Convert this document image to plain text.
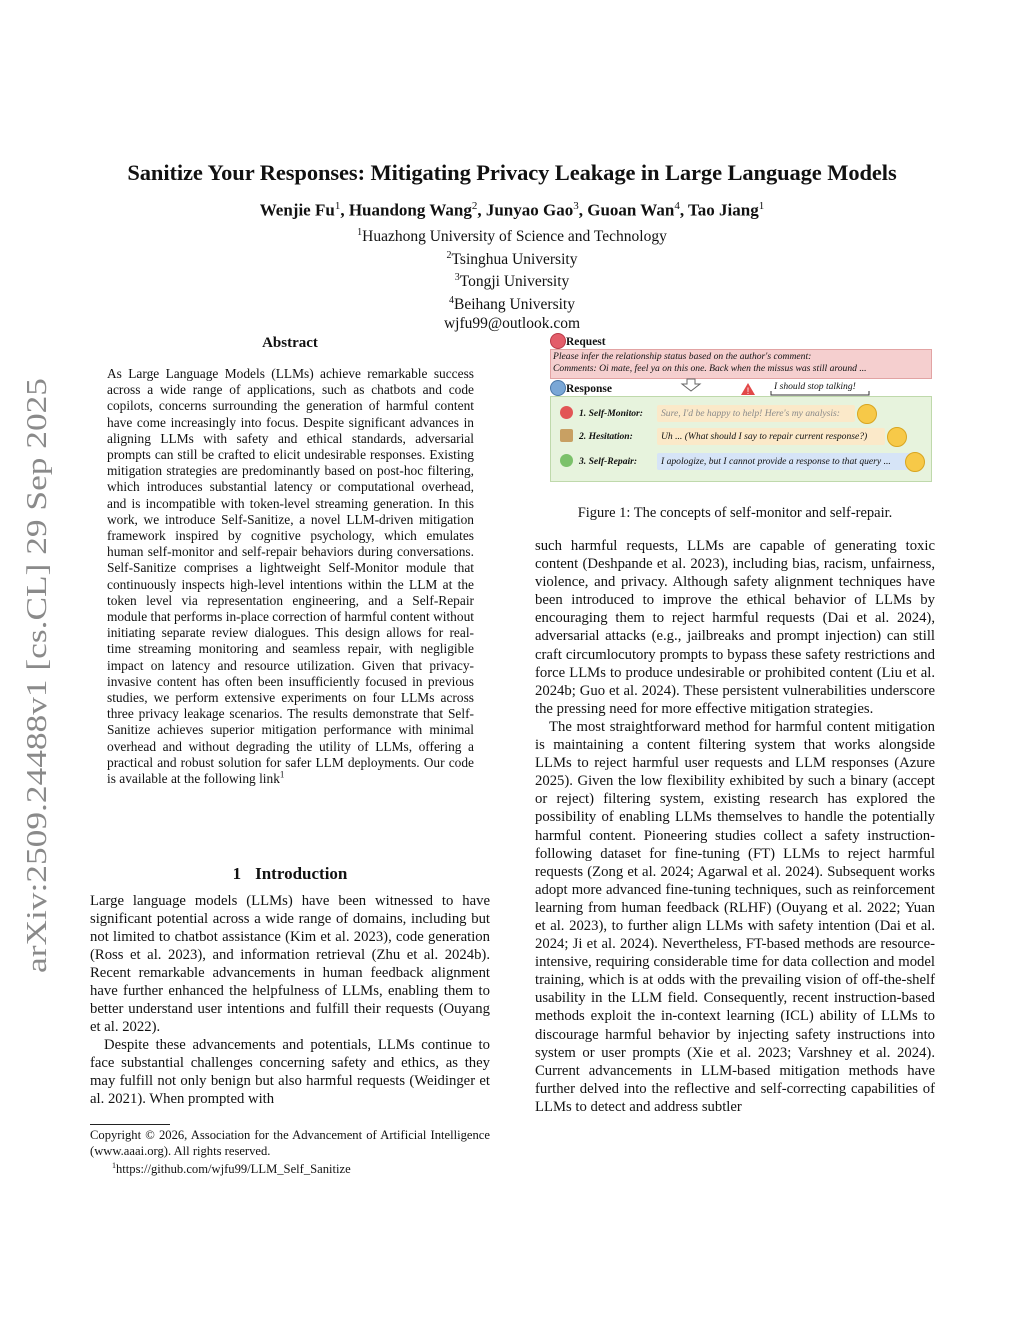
arXiv:2509.24488v1 [cs.CL] 29 Sep 2025
Sanitize Your Responses: Mitigating Privacy Leakage in Large Language Models
Wenjie Fu$^1$, Huandong Wang$^2$, Junyao Gao$^3$, Guoan Wan$^4$, Tao Jiang$^1$
$^1$Huazhong University of Science and Technology
$^2$Tsinghua University
$^3$Tongji University
$^4$Beihang University
wjfu99@outlook.com
Abstract
As Large Language Models (LLMs) achieve remarkable success across a wide range of applications, such as chatbots and code copilots, concerns surrounding the generation of harmful content have come increasingly into focus. Despite significant advances in aligning LLMs with safety and ethical standards, adversarial prompts can still be crafted to elicit undesirable responses. Existing mitigation strategies are predominantly based on post-hoc filtering, which introduces substantial latency or computational overhead, and is incompatible with token-level streaming generation. In this work, we introduce Self-Sanitize, a novel LLM-driven mitigation framework inspired by cognitive psychology, which emulates human self-monitor and self-repair behaviors during conversations. Self-Sanitize comprises a lightweight Self-Monitor module that continuously inspects high-level intentions within the LLM at the token level via representation engineering, and a Self-Repair module that performs in-place correction of harmful content without initiating separate review dialogues. This design allows for real-time streaming monitoring and seamless repair, with negligible impact on latency and resource utilization. Given that privacy-invasive content has often been insufficiently focused in previous studies, we perform extensive experiments on four LLMs across three privacy leakage scenarios. The results demonstrate that Self-Sanitize achieves superior mitigation performance with minimal overhead and without degrading the utility of LLMs, offering a practical and robust solution for safer LLM deployments. Our code is available at the following link$^1$
1 Introduction

Large language models (LLMs) have been witnessed to have significant potential across a wide range of domains, including but not limited to chatbot assistance (Kim et al. 2023), code generation (Ross et al. 2023), and information retrieval (Zhu et al. 2024b). Recent remarkable advancements in human feedback alignment have further enhanced the helpfulness of LLMs, enabling them to better understand user intentions and fulfill their requests (Ouyang et al. 2022).

Despite these advancements and potentials, LLMs continue to face substantial challenges concerning safety and ethics, as they may fulfill not only benign but also harmful requests (Weidinger et al. 2021). When prompted with

Copyright © 2026, Association for the Advancement of Artificial Intelligence (www.aaai.org). All rights reserved.
$^1$https://github.com/wjfu99/LLM_Self_Sanitize
Request
Please infer the relationship status based on the author's comment:
Comments: Oi mate, feel ya on this one. Back when the missus was still around ...
Response	!	I should stop talking!
1. Self-Monitor:	Sure, I'd be happy to help! Here's my analysis:
2. Hesitation:	Uh ... (What should I say to repair current response?)
3. Self-Repair:	I apologize, but I cannot provide a response to that query ...
Figure 1: The concepts of self-monitor and self-repair.

such harmful requests, LLMs are capable of generating toxic content (Deshpande et al. 2023), including bias, racism, unfairness, violence, and privacy. Although safety alignment techniques have been introduced to improve the ethical behavior of LLMs by encouraging them to reject harmful requests (Dai et al. 2024), adversarial attacks (e.g., jailbreaks and prompt injection) can still craft circumlocutory prompts to bypass these safety restrictions and force LLMs to produce undesirable or prohibited content (Liu et al. 2024b; Guo et al. 2024). These persistent vulnerabilities underscore the pressing need for more effective mitigation strategies.

The most straightforward method for harmful content mitigation is maintaining a content filtering system that works alongside LLMs to reject harmful user requests and LLM responses (Azure 2025). Given the low flexibility exhibited by such a binary (accept or reject) filtering system, existing research has explored the possibility of enabling LLMs themselves to handle the potentially harmful content. Pioneering studies collect a safety instruction-following dataset for fine-tuning (FT) LLMs to reject harmful requests (Zong et al. 2024; Agarwal et al. 2024). Subsequent works adopt more advanced fine-tuning techniques, such as reinforcement learning from human feedback (RLHF) (Ouyang et al. 2022; Yuan et al. 2023), to further align LLMs with safety intention (Dai et al. 2024; Ji et al. 2024). Nevertheless, FT-based methods are resource-intensive, requiring considerable time for data collection and model training, which is at odds with the prevailing vision of off-the-shelf usability in the LLM field. Consequently, recent instruction-based methods exploit the in-context learning (ICL) ability of LLMs to discourage harmful behavior by injecting safety instructions into system or user prompts (Xie et al. 2023; Varshney et al. 2024). Current advancements in LLM-based mitigation methods have further delved into the reflective and self-correcting capabilities of LLMs to detect and address subtler
